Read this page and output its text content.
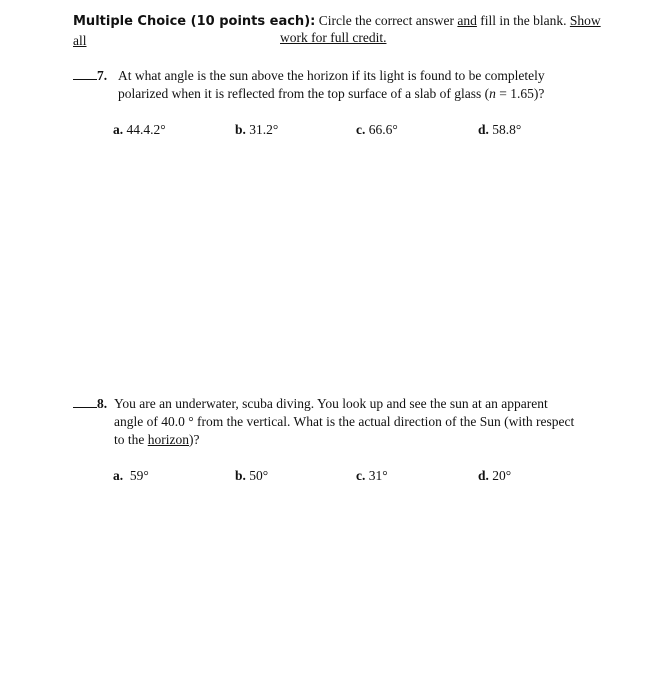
Multiple Choice (10 points each): Circle the correct answer and fill in the blank. Show all	work for full credit.
7. At what angle is the sun above the horizon if its light is found to be completely
polarized when it is reflected from the top surface of a slab of glass (n = 1.65)?
a. 44.4.2°	b. 31.2°	c. 66.6°	d. 58.8°
8. You are an underwater, scuba diving. You look up and see the sun at an apparent
angle of 40.0 ° from the vertical. What is the actual direction of the Sun (with respect
to the horizon)?
a.  59°	b. 50°	c. 31°	d. 20°
